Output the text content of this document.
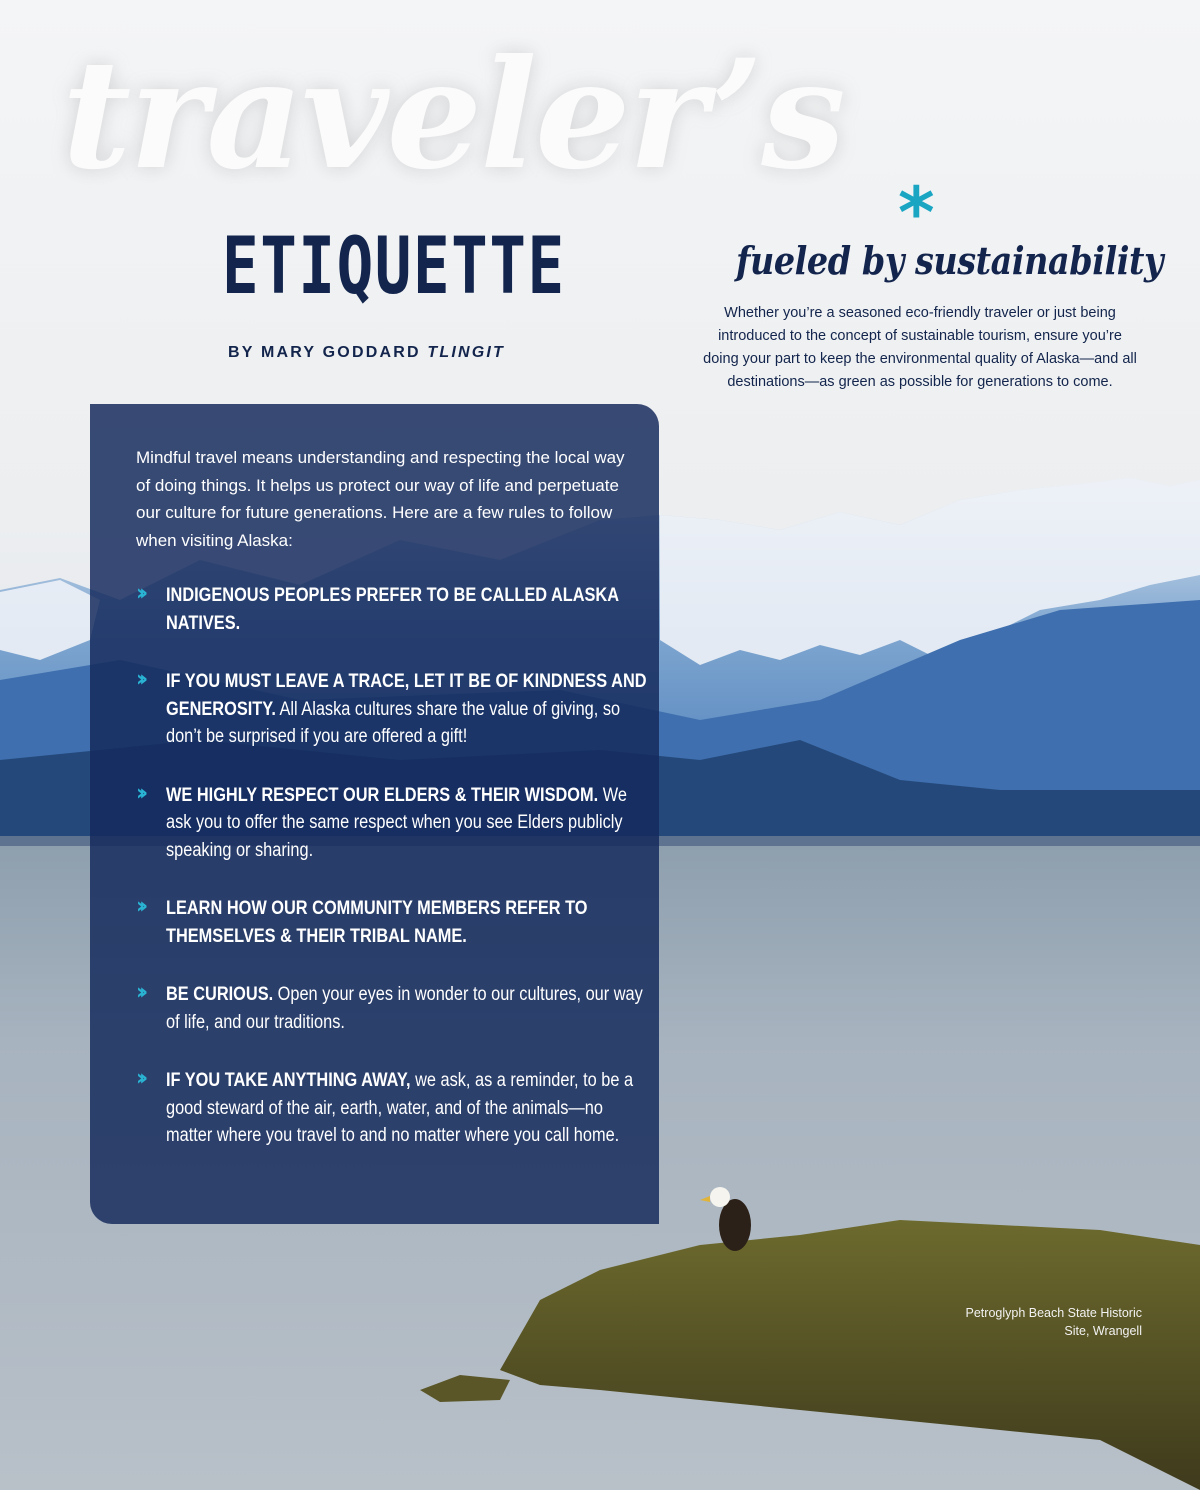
traveler’s
ETIQUETTE
BY MARY GODDARD TLINGIT
*
fueled by sustainability
Whether you’re a seasoned eco-friendly traveler or just being introduced to the concept of sustainable tourism, ensure you’re doing your part to keep the environmental quality of Alaska—and all destinations—as green as possible for generations to come.

Mindful travel means understanding and respecting the local way of doing things. It helps us protect our way of life and perpetuate our culture for future generations. Here are a few rules to follow when visiting Alaska:

›› INDIGENOUS PEOPLES PREFER TO BE CALLED ALASKA NATIVES.
›› IF YOU MUST LEAVE A TRACE, LET IT BE OF KINDNESS AND GENEROSITY. All Alaska cultures share the value of giving, so don’t be surprised if you are offered a gift!
›› WE HIGHLY RESPECT OUR ELDERS & THEIR WISDOM. We ask you to offer the same respect when you see Elders publicly speaking or sharing.
›› LEARN HOW OUR COMMUNITY MEMBERS REFER TO THEMSELVES & THEIR TRIBAL NAME.
›› BE CURIOUS. Open your eyes in wonder to our cultures, our way of life, and our traditions.
›› IF YOU TAKE ANYTHING AWAY, we ask, as a reminder, to be a good steward of the air, earth, water, and of the animals—no matter where you travel to and no matter where you call home.
Petroglyph Beach State Historic Site, Wrangell
